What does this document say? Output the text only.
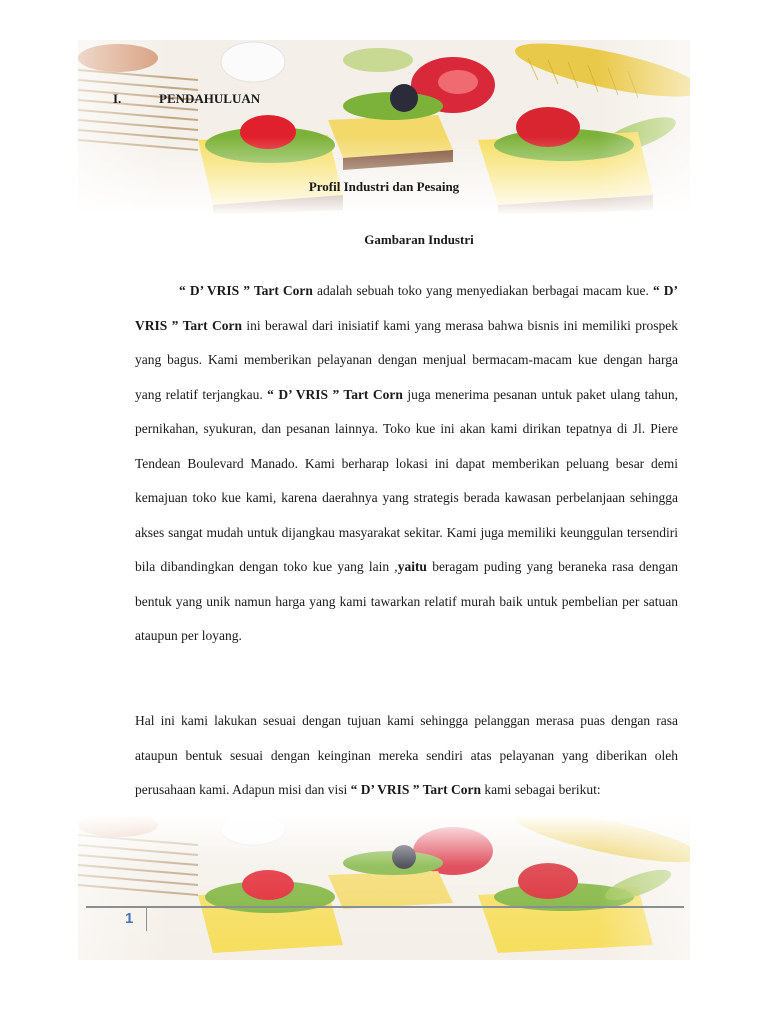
I.	PENDAHULUAN
Profil Industri dan Pesaing
Gambaran Industri
“ D’ VRIS ” Tart Corn adalah sebuah toko yang menyediakan berbagai macam kue. “ D’ VRIS ” Tart Corn ini berawal dari inisiatif kami yang merasa bahwa bisnis ini memiliki prospek yang bagus. Kami memberikan pelayanan dengan menjual bermacam-macam kue dengan harga yang relatif terjangkau. “ D’ VRIS ” Tart Corn juga menerima pesanan untuk paket ulang tahun, pernikahan, syukuran, dan pesanan lainnya. Toko kue ini akan kami dirikan tepatnya di Jl. Piere Tendean Boulevard Manado. Kami berharap lokasi ini dapat memberikan peluang besar demi kemajuan toko kue kami, karena daerahnya yang strategis berada kawasan perbelanjaan sehingga akses sangat mudah untuk dijangkau masyarakat sekitar. Kami juga memiliki keunggulan tersendiri bila dibandingkan dengan toko kue yang lain ,yaitu beragam puding yang beraneka rasa dengan bentuk yang unik namun harga yang kami tawarkan relatif murah baik untuk pembelian per satuan ataupun per loyang.
Hal ini kami lakukan sesuai dengan tujuan kami sehingga pelanggan merasa puas dengan rasa ataupun bentuk sesuai dengan keinginan mereka sendiri atas pelayanan yang diberikan oleh perusahaan kami. Adapun misi dan visi “ D’ VRIS ” Tart Corn kami sebagai berikut:
1
